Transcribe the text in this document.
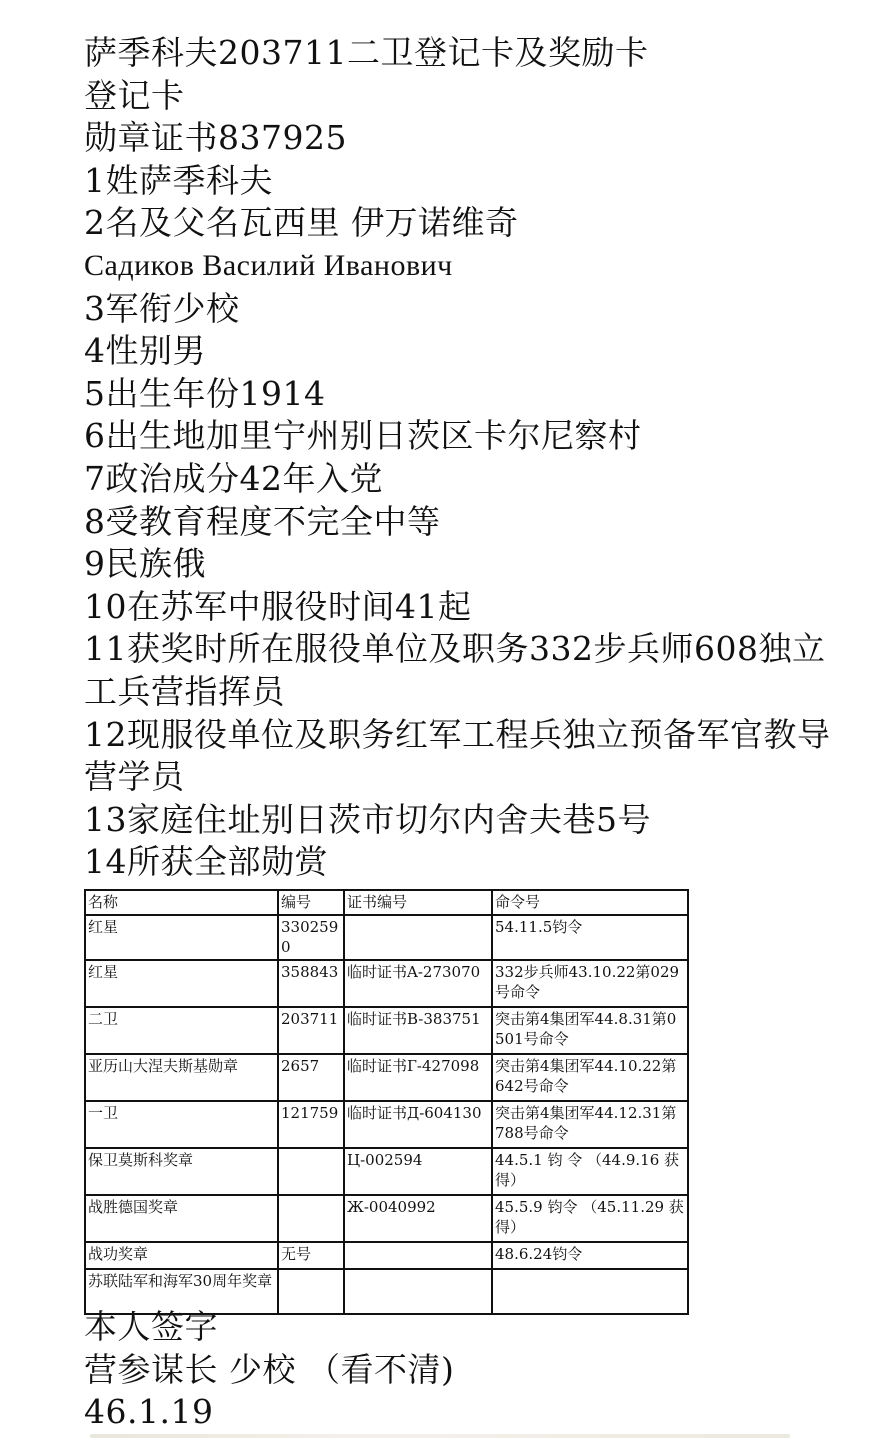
萨季科夫203711二卫登记卡及奖励卡
登记卡
勋章证书837925
1姓萨季科夫
2名及父名瓦西里 伊万诺维奇
Садиков Василий Иванович
3军衔少校
4性别男
5出生年份1914
6出生地加里宁州别日茨区卡尔尼察村
7政治成分42年入党
8受教育程度不完全中等
9民族俄
10在苏军中服役时间41起
11获奖时所在服役单位及职务332步兵师608独立工兵营指挥员
12现服役单位及职务红军工程兵独立预备军官教导营学员
13家庭住址别日茨市切尔内舍夫巷5号
14所获全部勋赏
名称	编号	证书编号	命令号
红星	3302590		54.11.5钧令
红星	358843	临时证书A-273070	332步兵师43.10.22第029号命令
二卫	203711	临时证书B-383751	突击第4集团军44.8.31第0501号命令
亚历山大涅夫斯基勋章	2657	临时证书Г-427098	突击第4集团军44.10.22第642号命令
一卫	121759	临时证书Д-604130	突击第4集团军44.12.31第788号命令
保卫莫斯科奖章		Ц-002594	44.5.1 钧 令 （44.9.16 获得）
战胜德国奖章		Ж-0040992	45.5.9 钧令 （45.11.29 获得）
战功奖章	无号		48.6.24钧令
苏联陆军和海军30周年奖章			
本人签字
营参谋长 少校 （看不清)
46.1.19
